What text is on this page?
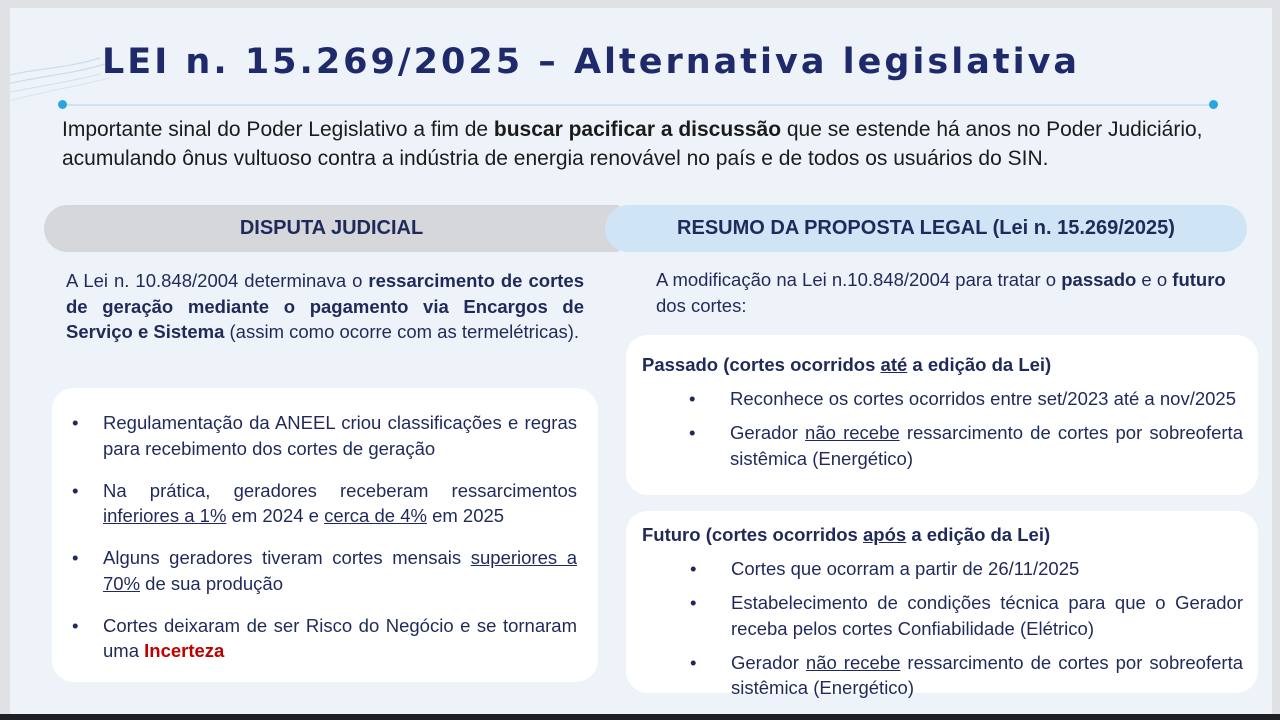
LEI n. 15.269/2025 – Alternativa legislativa
Importante sinal do Poder Legislativo a fim de buscar pacificar a discussão que se estende há anos no Poder Judiciário, acumulando ônus vultuoso contra a indústria de energia renovável no país e de todos os usuários do SIN.
DISPUTA JUDICIAL	RESUMO DA PROPOSTA LEGAL (Lei n. 15.269/2025)
A Lei n. 10.848/2004 determinava o ressarcimento de cortes de geração mediante o pagamento via Encargos de Serviço e Sistema (assim como ocorre com as termelétricas).
A modificação na Lei n.10.848/2004 para tratar o passado e o futuro dos cortes:
• Regulamentação da ANEEL criou classificações e regras para recebimento dos cortes de geração
• Na prática, geradores receberam ressarcimentos inferiores a 1% em 2024 e cerca de 4% em 2025
• Alguns geradores tiveram cortes mensais superiores a 70% de sua produção
• Cortes deixaram de ser Risco do Negócio e se tornaram uma Incerteza
Passado (cortes ocorridos até a edição da Lei)
• Reconhece os cortes ocorridos entre set/2023 até a nov/2025
• Gerador não recebe ressarcimento de cortes por sobreoferta sistêmica (Energético)
Futuro (cortes ocorridos após a edição da Lei)
• Cortes que ocorram a partir de 26/11/2025
• Estabelecimento de condições técnica para que o Gerador receba pelos cortes Confiabilidade (Elétrico)
• Gerador não recebe ressarcimento de cortes por sobreoferta sistêmica (Energético)
